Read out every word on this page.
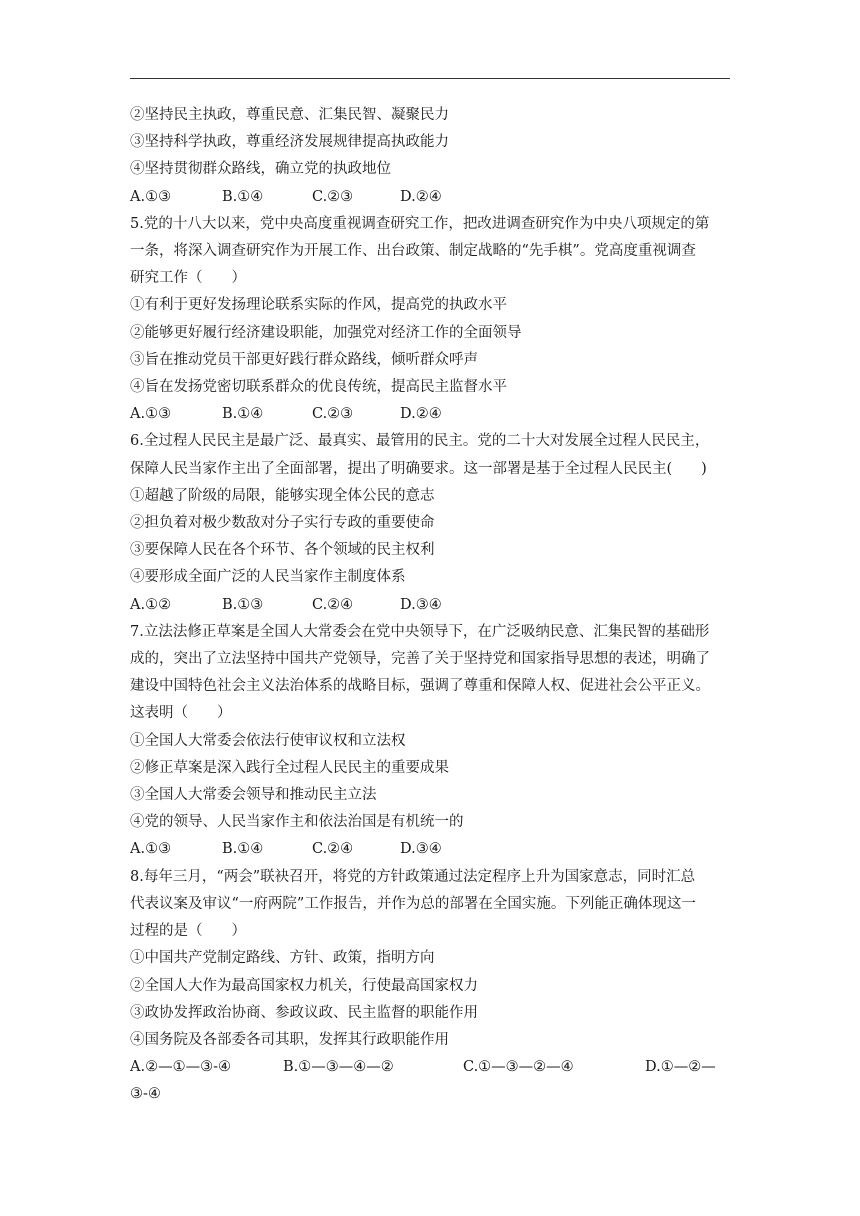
②坚持民主执政，尊重民意、汇集民智、凝聚民力
③坚持科学执政，尊重经济发展规律提高执政能力
④坚持贯彻群众路线，确立党的执政地位
A.①③	B.①④	C.②③	D.②④
5.党的十八大以来，党中央高度重视调查研究工作，把改进调查研究作为中央八项规定的第
一条，将深入调查研究作为开展工作、出台政策、制定战略的“先手棋”。党高度重视调查
研究工作（　　）
①有利于更好发扬理论联系实际的作风，提高党的执政水平
②能够更好履行经济建设职能，加强党对经济工作的全面领导
③旨在推动党员干部更好践行群众路线，倾听群众呼声
④旨在发扬党密切联系群众的优良传统，提高民主监督水平
A.①③	B.①④	C.②③	D.②④
6.全过程人民民主是最广泛、最真实、最管用的民主。党的二十大对发展全过程人民民主，
保障人民当家作主出了全面部署，提出了明确要求。这一部署是基于全过程人民民主(　　)
①超越了阶级的局限，能够实现全体公民的意志
②担负着对极少数敌对分子实行专政的重要使命
③要保障人民在各个环节、各个领域的民主权利
④要形成全面广泛的人民当家作主制度体系
A.①②	B.①③	C.②④	D.③④
7.立法法修正草案是全国人大常委会在党中央领导下，在广泛吸纳民意、汇集民智的基础形
成的，突出了立法坚持中国共产党领导，完善了关于坚持党和国家指导思想的表述，明确了
建设中国特色社会主义法治体系的战略目标，强调了尊重和保障人权、促进社会公平正义。
这表明（　　）
①全国人大常委会依法行使审议权和立法权
②修正草案是深入践行全过程人民民主的重要成果
③全国人大常委会领导和推动民主立法
④党的领导、人民当家作主和依法治国是有机统一的
A.①③	B.①④	C.②④	D.③④
8.每年三月，“两会”联袂召开，将党的方针政策通过法定程序上升为国家意志，同时汇总
代表议案及审议“一府两院”工作报告，并作为总的部署在全国实施。下列能正确体现这一
过程的是（　　）
①中国共产党制定路线、方针、政策，指明方向
②全国人大作为最高国家权力机关，行使最高国家权力
③政协发挥政治协商、参政议政、民主监督的职能作用
④国务院及各部委各司其职，发挥其行政职能作用
A.②—①—③-④	B.①—③—④—②	C.①—③—②—④	D.①—②—
③-④
